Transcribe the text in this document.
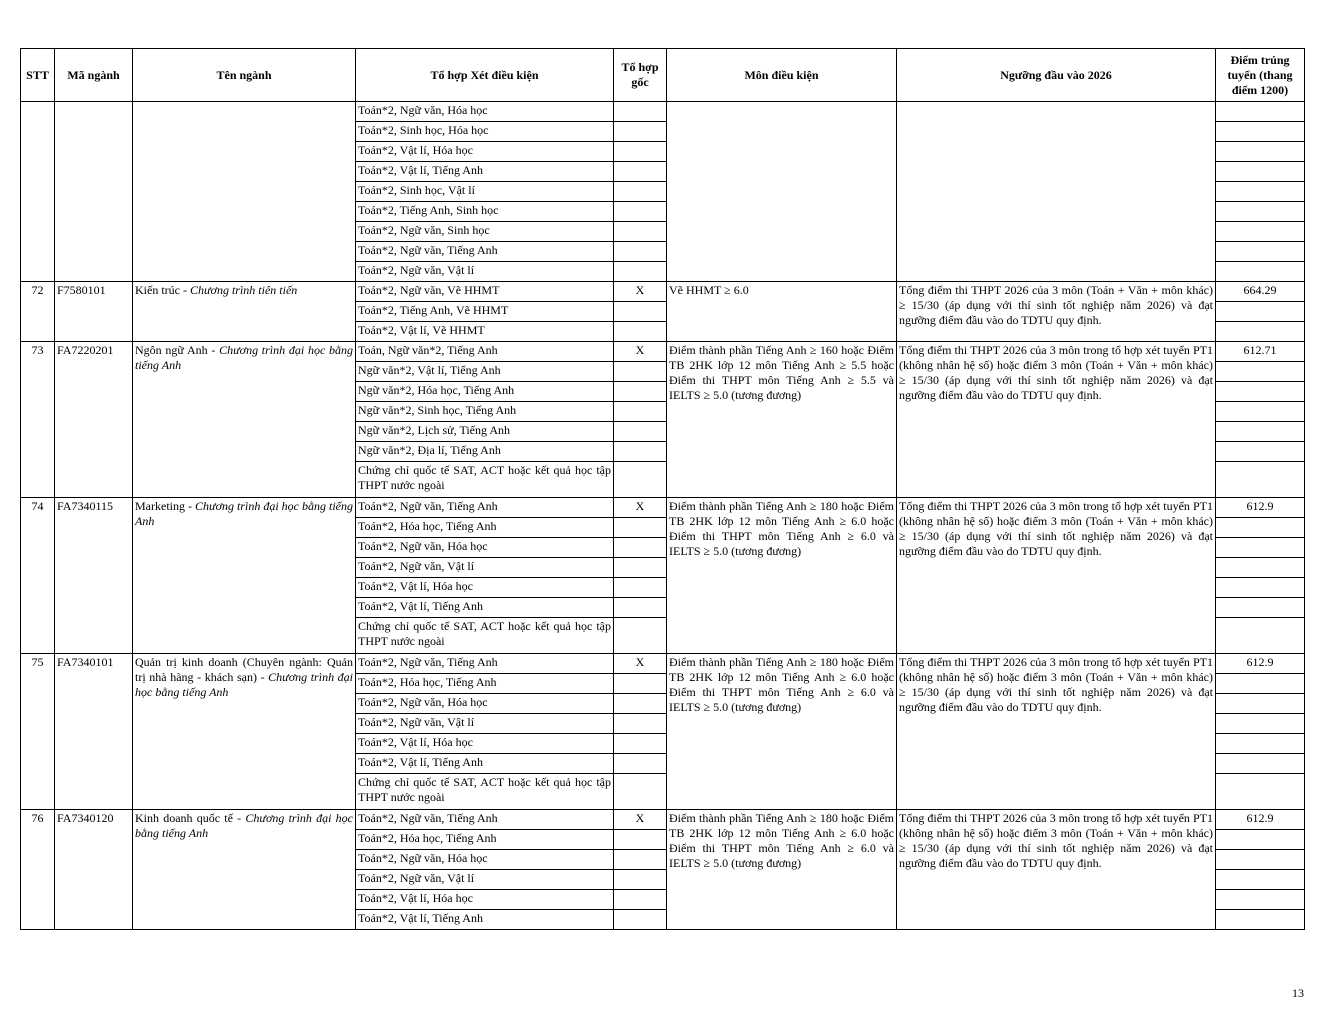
STT	Mã ngành	Tên ngành	Tổ hợp Xét điều kiện	Tổ hợp gốc	Môn điều kiện	Ngưỡng đầu vào 2026	Điểm trúng tuyển (thang điểm 1200)
			Toán*2, Ngữ văn, Hóa học				
			Toán*2, Sinh học, Hóa học				
			Toán*2, Vật lí, Hóa học				
			Toán*2, Vật lí, Tiếng Anh				
			Toán*2, Sinh học, Vật lí				
			Toán*2, Tiếng Anh, Sinh học				
			Toán*2, Ngữ văn, Sinh học				
			Toán*2, Ngữ văn, Tiếng Anh				
			Toán*2, Ngữ văn, Vật lí				
72	F7580101	Kiến trúc - Chương trình tiên tiến	Toán*2, Ngữ văn, Vẽ HHMT	X	Vẽ HHMT ≥ 6.0	Tổng điểm thi THPT 2026 của 3 môn (Toán + Văn + môn khác) ≥ 15/30 (áp dụng với thí sinh tốt nghiệp năm 2026) và đạt ngưỡng điểm đầu vào do TDTU quy định.	664.29
			Toán*2, Tiếng Anh, Vẽ HHMT				
			Toán*2, Vật lí, Vẽ HHMT				
73	FA7220201	Ngôn ngữ Anh - Chương trình đại học bằng tiếng Anh	Toán, Ngữ văn*2, Tiếng Anh	X	Điểm thành phần Tiếng Anh ≥ 160 hoặc Điểm TB 2HK lớp 12 môn Tiếng Anh ≥ 5.5 hoặc Điểm thi THPT môn Tiếng Anh ≥ 5.5 và IELTS ≥ 5.0 (tương đương)	Tổng điểm thi THPT 2026 của 3 môn trong tổ hợp xét tuyển PT1 (không nhân hệ số) hoặc điểm 3 môn (Toán + Văn + môn khác) ≥ 15/30 (áp dụng với thí sinh tốt nghiệp năm 2026) và đạt ngưỡng điểm đầu vào do TDTU quy định.	612.71
			Ngữ văn*2, Vật lí, Tiếng Anh				
			Ngữ văn*2, Hóa học, Tiếng Anh				
			Ngữ văn*2, Sinh học, Tiếng Anh				
			Ngữ văn*2, Lịch sử, Tiếng Anh				
			Ngữ văn*2, Địa lí, Tiếng Anh				
			Chứng chỉ quốc tế SAT, ACT hoặc kết quả học tập THPT nước ngoài				
74	FA7340115	Marketing - Chương trình đại học bằng tiếng Anh	Toán*2, Ngữ văn, Tiếng Anh	X	Điểm thành phần Tiếng Anh ≥ 180 hoặc Điểm TB 2HK lớp 12 môn Tiếng Anh ≥ 6.0 hoặc Điểm thi THPT môn Tiếng Anh ≥ 6.0 và IELTS ≥ 5.0 (tương đương)	Tổng điểm thi THPT 2026 của 3 môn trong tổ hợp xét tuyển PT1 (không nhân hệ số) hoặc điểm 3 môn (Toán + Văn + môn khác) ≥ 15/30 (áp dụng với thí sinh tốt nghiệp năm 2026) và đạt ngưỡng điểm đầu vào do TDTU quy định.	612.9
			Toán*2, Hóa học, Tiếng Anh				
			Toán*2, Ngữ văn, Hóa học				
			Toán*2, Ngữ văn, Vật lí				
			Toán*2, Vật lí, Hóa học				
			Toán*2, Vật lí, Tiếng Anh				
			Chứng chỉ quốc tế SAT, ACT hoặc kết quả học tập THPT nước ngoài				
75	FA7340101	Quản trị kinh doanh (Chuyên ngành: Quản trị nhà hàng - khách sạn) - Chương trình đại học bằng tiếng Anh	Toán*2, Ngữ văn, Tiếng Anh	X	Điểm thành phần Tiếng Anh ≥ 180 hoặc Điểm TB 2HK lớp 12 môn Tiếng Anh ≥ 6.0 hoặc Điểm thi THPT môn Tiếng Anh ≥ 6.0 và IELTS ≥ 5.0 (tương đương)	Tổng điểm thi THPT 2026 của 3 môn trong tổ hợp xét tuyển PT1 (không nhân hệ số) hoặc điểm 3 môn (Toán + Văn + môn khác) ≥ 15/30 (áp dụng với thí sinh tốt nghiệp năm 2026) và đạt ngưỡng điểm đầu vào do TDTU quy định.	612.9
			Toán*2, Hóa học, Tiếng Anh				
			Toán*2, Ngữ văn, Hóa học				
			Toán*2, Ngữ văn, Vật lí				
			Toán*2, Vật lí, Hóa học				
			Toán*2, Vật lí, Tiếng Anh				
			Chứng chỉ quốc tế SAT, ACT hoặc kết quả học tập THPT nước ngoài				
76	FA7340120	Kinh doanh quốc tế - Chương trình đại học bằng tiếng Anh	Toán*2, Ngữ văn, Tiếng Anh	X	Điểm thành phần Tiếng Anh ≥ 180 hoặc Điểm TB 2HK lớp 12 môn Tiếng Anh ≥ 6.0 hoặc Điểm thi THPT môn Tiếng Anh ≥ 6.0 và IELTS ≥ 5.0 (tương đương)	Tổng điểm thi THPT 2026 của 3 môn trong tổ hợp xét tuyển PT1 (không nhân hệ số) hoặc điểm 3 môn (Toán + Văn + môn khác) ≥ 15/30 (áp dụng với thí sinh tốt nghiệp năm 2026) và đạt ngưỡng điểm đầu vào do TDTU quy định.	612.9
			Toán*2, Hóa học, Tiếng Anh				
			Toán*2, Ngữ văn, Hóa học				
			Toán*2, Ngữ văn, Vật lí				
			Toán*2, Vật lí, Hóa học				
			Toán*2, Vật lí, Tiếng Anh				
13
